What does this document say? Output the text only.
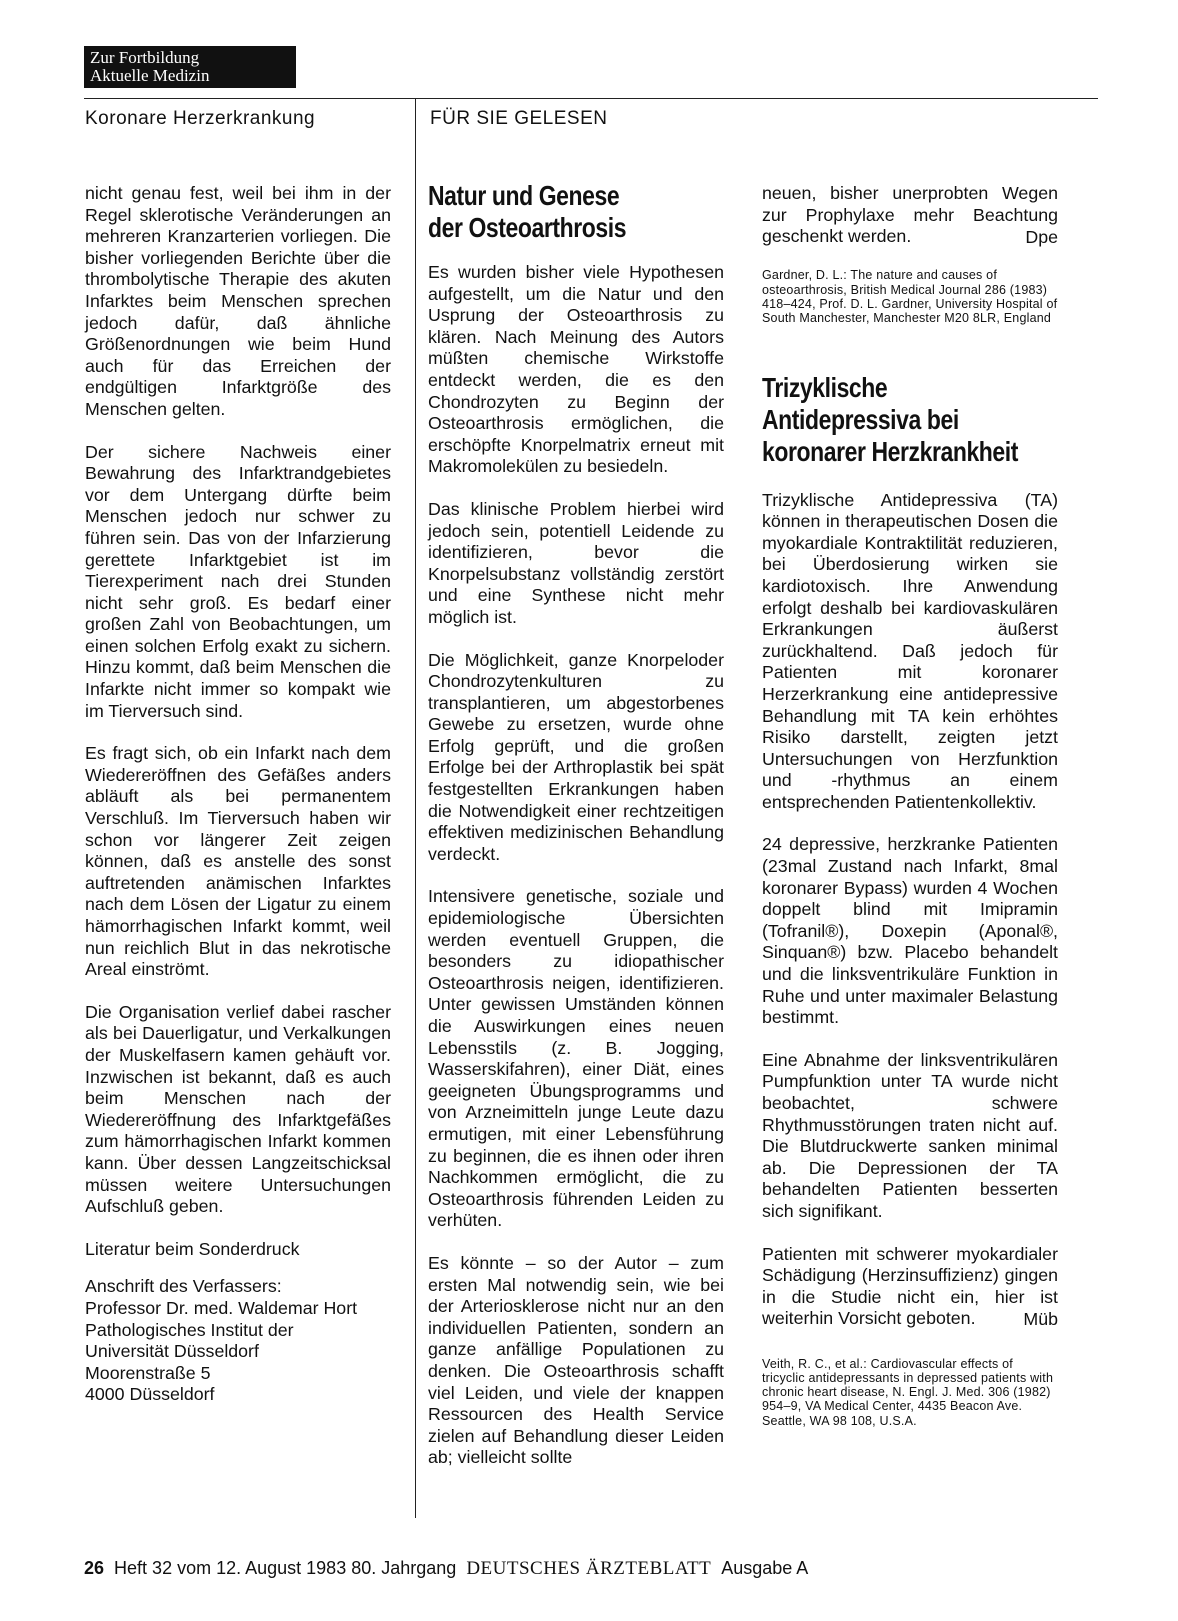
Zur Fortbildung
Aktuelle Medizin
Koronare Herzerkrankung	FÜR SIE GELESEN

nicht genau fest, weil bei ihm in der Regel sklerotische Veränderungen an mehreren Kranzarterien vorliegen. Die bisher vorliegenden Berichte über die thrombolytische Therapie des akuten Infarktes beim Menschen sprechen jedoch dafür, daß ähnliche Größenordnungen wie beim Hund auch für das Erreichen der endgültigen Infarktgröße des Menschen gelten.

Der sichere Nachweis einer Bewahrung des Infarktrandgebietes vor dem Untergang dürfte beim Menschen jedoch nur schwer zu führen sein. Das von der Infarzierung gerettete Infarktgebiet ist im Tierexperiment nach drei Stunden nicht sehr groß. Es bedarf einer großen Zahl von Beobachtungen, um einen solchen Erfolg exakt zu sichern. Hinzu kommt, daß beim Menschen die Infarkte nicht immer so kompakt wie im Tierversuch sind.

Es fragt sich, ob ein Infarkt nach dem Wiedereröffnen des Gefäßes anders abläuft als bei permanentem Verschluß. Im Tierversuch haben wir schon vor längerer Zeit zeigen können, daß es anstelle des sonst auftretenden anämischen Infarktes nach dem Lösen der Ligatur zu einem hämorrhagischen Infarkt kommt, weil nun reichlich Blut in das nekrotische Areal einströmt.

Die Organisation verlief dabei rascher als bei Dauerligatur, und Verkalkungen der Muskelfasern kamen gehäuft vor. Inzwischen ist bekannt, daß es auch beim Menschen nach der Wiedereröffnung des Infarktgefäßes zum hämorrhagischen Infarkt kommen kann. Über dessen Langzeitschicksal müssen weitere Untersuchungen Aufschluß geben.

Literatur beim Sonderdruck

Anschrift des Verfassers:
Professor Dr. med. Waldemar Hort
Pathologisches Institut der
Universität Düsseldorf
Moorenstraße 5
4000 Düsseldorf
Natur und Genese
der Osteoarthrosis

Es wurden bisher viele Hypothesen aufgestellt, um die Natur und den Usprung der Osteoarthrosis zu klären. Nach Meinung des Autors müßten chemische Wirkstoffe entdeckt werden, die es den Chondrozyten zu Beginn der Osteoarthrosis ermöglichen, die erschöpfte Knorpelmatrix erneut mit Makromolekülen zu besiedeln.

Das klinische Problem hierbei wird jedoch sein, potentiell Leidende zu identifizieren, bevor die Knorpelsubstanz vollständig zerstört und eine Synthese nicht mehr möglich ist.

Die Möglichkeit, ganze Knorpeloder Chondrozytenkulturen zu transplantieren, um abgestorbenes Gewebe zu ersetzen, wurde ohne Erfolg geprüft, und die großen Erfolge bei der Arthroplastik bei spät festgestellten Erkrankungen haben die Notwendigkeit einer rechtzeitigen effektiven medizinischen Behandlung verdeckt.

Intensivere genetische, soziale und epidemiologische Übersichten werden eventuell Gruppen, die besonders zu idiopathischer Osteoarthrosis neigen, identifizieren. Unter gewissen Umständen können die Auswirkungen eines neuen Lebensstils (z. B. Jogging, Wasserskifahren), einer Diät, eines geeigneten Übungsprogramms und von Arzneimitteln junge Leute dazu ermutigen, mit einer Lebensführung zu beginnen, die es ihnen oder ihren Nachkommen ermöglicht, die zu Osteoarthrosis führenden Leiden zu verhüten.

Es könnte – so der Autor – zum ersten Mal notwendig sein, wie bei der Arteriosklerose nicht nur an den individuellen Patienten, sondern an ganze anfällige Populationen zu denken. Die Osteoarthrosis schafft viel Leiden, und viele der knappen Ressourcen des Health Service zielen auf Behandlung dieser Leiden ab; vielleicht sollte

neuen, bisher unerprobten Wegen zur Prophylaxe mehr Beachtung geschenkt werden.	Dpe

Gardner, D. L.: The nature and causes of osteoarthrosis, British Medical Journal 286 (1983) 418–424, Prof. D. L. Gardner, University Hospital of South Manchester, Manchester M20 8LR, England

Trizyklische
Antidepressiva bei
koronarer Herzkrankheit

Trizyklische Antidepressiva (TA) können in therapeutischen Dosen die myokardiale Kontraktilität reduzieren, bei Überdosierung wirken sie kardiotoxisch. Ihre Anwendung erfolgt deshalb bei kardiovaskulären Erkrankungen äußerst zurückhaltend. Daß jedoch für Patienten mit koronarer Herzerkrankung eine antidepressive Behandlung mit TA kein erhöhtes Risiko darstellt, zeigten jetzt Untersuchungen von Herzfunktion und -rhythmus an einem entsprechenden Patientenkollektiv.

24 depressive, herzkranke Patienten (23mal Zustand nach Infarkt, 8mal koronarer Bypass) wurden 4 Wochen doppelt blind mit Imipramin (Tofranil®), Doxepin (Aponal®, Sinquan®) bzw. Placebo behandelt und die linksventrikuläre Funktion in Ruhe und unter maximaler Belastung bestimmt.

Eine Abnahme der linksventrikulären Pumpfunktion unter TA wurde nicht beobachtet, schwere Rhythmusstörungen traten nicht auf. Die Blutdruckwerte sanken minimal ab. Die Depressionen der TA behandelten Patienten besserten sich signifikant.

Patienten mit schwerer myokardialer Schädigung (Herzinsuffizienz) gingen in die Studie nicht ein, hier ist weiterhin Vorsicht geboten.	Müb

Veith, R. C., et al.: Cardiovascular effects of tricyclic antidepressants in depressed patients with chronic heart disease, N. Engl. J. Med. 306 (1982) 954–9, VA Medical Center, 4435 Beacon Ave. Seattle, WA 98 108, U.S.A.

26 Heft 32 vom 12. August 1983 80. Jahrgang DEUTSCHES ÄRZTEBLATT Ausgabe A
